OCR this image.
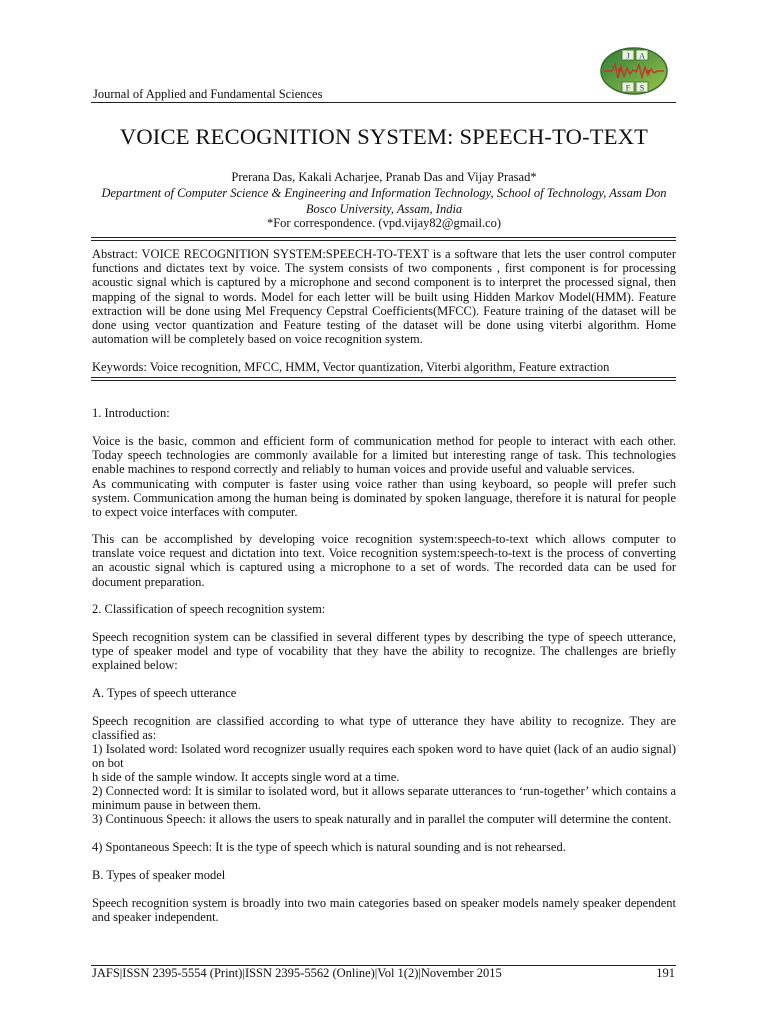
Journal of Applied and Fundamental Sciences
J A
F S
VOICE RECOGNITION SYSTEM: SPEECH-TO-TEXT
Prerana Das, Kakali Acharjee, Pranab Das and Vijay Prasad*
Department of Computer Science & Engineering and Information Technology, School of Technology, Assam Don Bosco University, Assam, India
*For correspondence. (vpd.vijay82@gmail.co)
Abstract: VOICE RECOGNITION SYSTEM:SPEECH-TO-TEXT is a software that lets the user control computer functions and dictates text by voice. The system consists of two components , first component is for processing acoustic signal which is captured by a microphone and second component is to interpret the processed signal, then mapping of the signal to words. Model for each letter will be built using Hidden Markov Model(HMM). Feature extraction will be done using Mel Frequency Cepstral Coefficients(MFCC). Feature training of the dataset will be done using vector quantization and Feature testing of the dataset will be done using viterbi algorithm. Home automation will be completely based on voice recognition system.
Keywords: Voice recognition, MFCC, HMM, Vector quantization, Viterbi algorithm, Feature extraction
1. Introduction:
Voice is the basic, common and efficient form of communication method for people to interact with each other. Today speech technologies are commonly available for a limited but interesting range of task. This technologies enable machines to respond correctly and reliably to human voices and provide useful and valuable services.
As communicating with computer is faster using voice rather than using keyboard, so people will prefer such system. Communication among the human being is dominated by spoken language, therefore it is natural for people to expect voice interfaces with computer.
This can be accomplished by developing voice recognition system:speech-to-text which allows computer to translate voice request and dictation into text. Voice recognition system:speech-to-text is the process of converting an acoustic signal which is captured using a microphone to a set of words. The recorded data can be used for document preparation.
2. Classification of speech recognition system:
Speech recognition system can be classified in several different types by describing the type of speech utterance, type of speaker model and type of vocability that they have the ability to recognize. The challenges are briefly explained below:
A. Types of speech utterance
Speech recognition are classified according to what type of utterance they have ability to recognize. They are classified as:
1) Isolated word: Isolated word recognizer usually requires each spoken word to have quiet (lack of an audio signal) on bot
h side of the sample window. It accepts single word at a time.
2) Connected word: It is similar to isolated word, but it allows separate utterances to ‘run-together’ which contains a minimum pause in between them.
3) Continuous Speech: it allows the users to speak naturally and in parallel the computer will determine the content.
4) Spontaneous Speech: It is the type of speech which is natural sounding and is not rehearsed.
B. Types of speaker model
Speech recognition system is broadly into two main categories based on speaker models namely speaker dependent and speaker independent.
JAFS|ISSN 2395-5554 (Print)|ISSN 2395-5562 (Online)|Vol 1(2)|November 2015	191
